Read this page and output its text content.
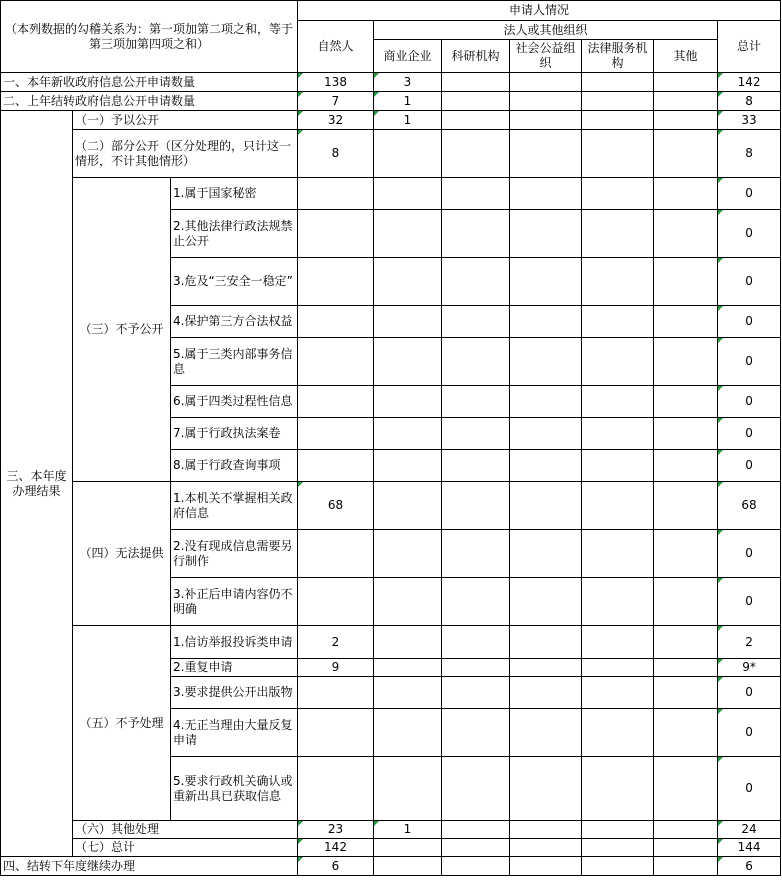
（本列数据的勾稽关系为：第一项加第二项之和，等于第三项加第四项之和）			申请人情况						
			自然人	法人或其他组织					总计
				商业企业	科研机构	社会公益组织	法律服务机构	其他	
一、本年新收政府信息公开申请数量			138	3					142
二、上年结转政府信息公开申请数量			7	1					8
三、本年度办理结果	（一）予以公开		32	1					33
	（二）部分公开（区分处理的，只计这一情形，不计其他情形）		8						8
	（三）不予公开	1.属于国家秘密							0
		2.其他法律行政法规禁止公开							0
		3.危及“三安全一稳定”							0
		4.保护第三方合法权益							0
		5.属于三类内部事务信息							0
		6.属于四类过程性信息							0
		7.属于行政执法案卷							0
		8.属于行政查询事项							0
	（四）无法提供	1.本机关不掌握相关政府信息	68						68
		2.没有现成信息需要另行制作							0
		3.补正后申请内容仍不明确							0
	（五）不予处理	1.信访举报投诉类申请	2						2
		2.重复申请	9						9*
		3.要求提供公开出版物							0
		4.无正当理由大量反复申请							0
		5.要求行政机关确认或重新出具已获取信息							0
	（六）其他处理		23	1					24
	（七）总计		142						144
四、结转下年度继续办理			6						6
